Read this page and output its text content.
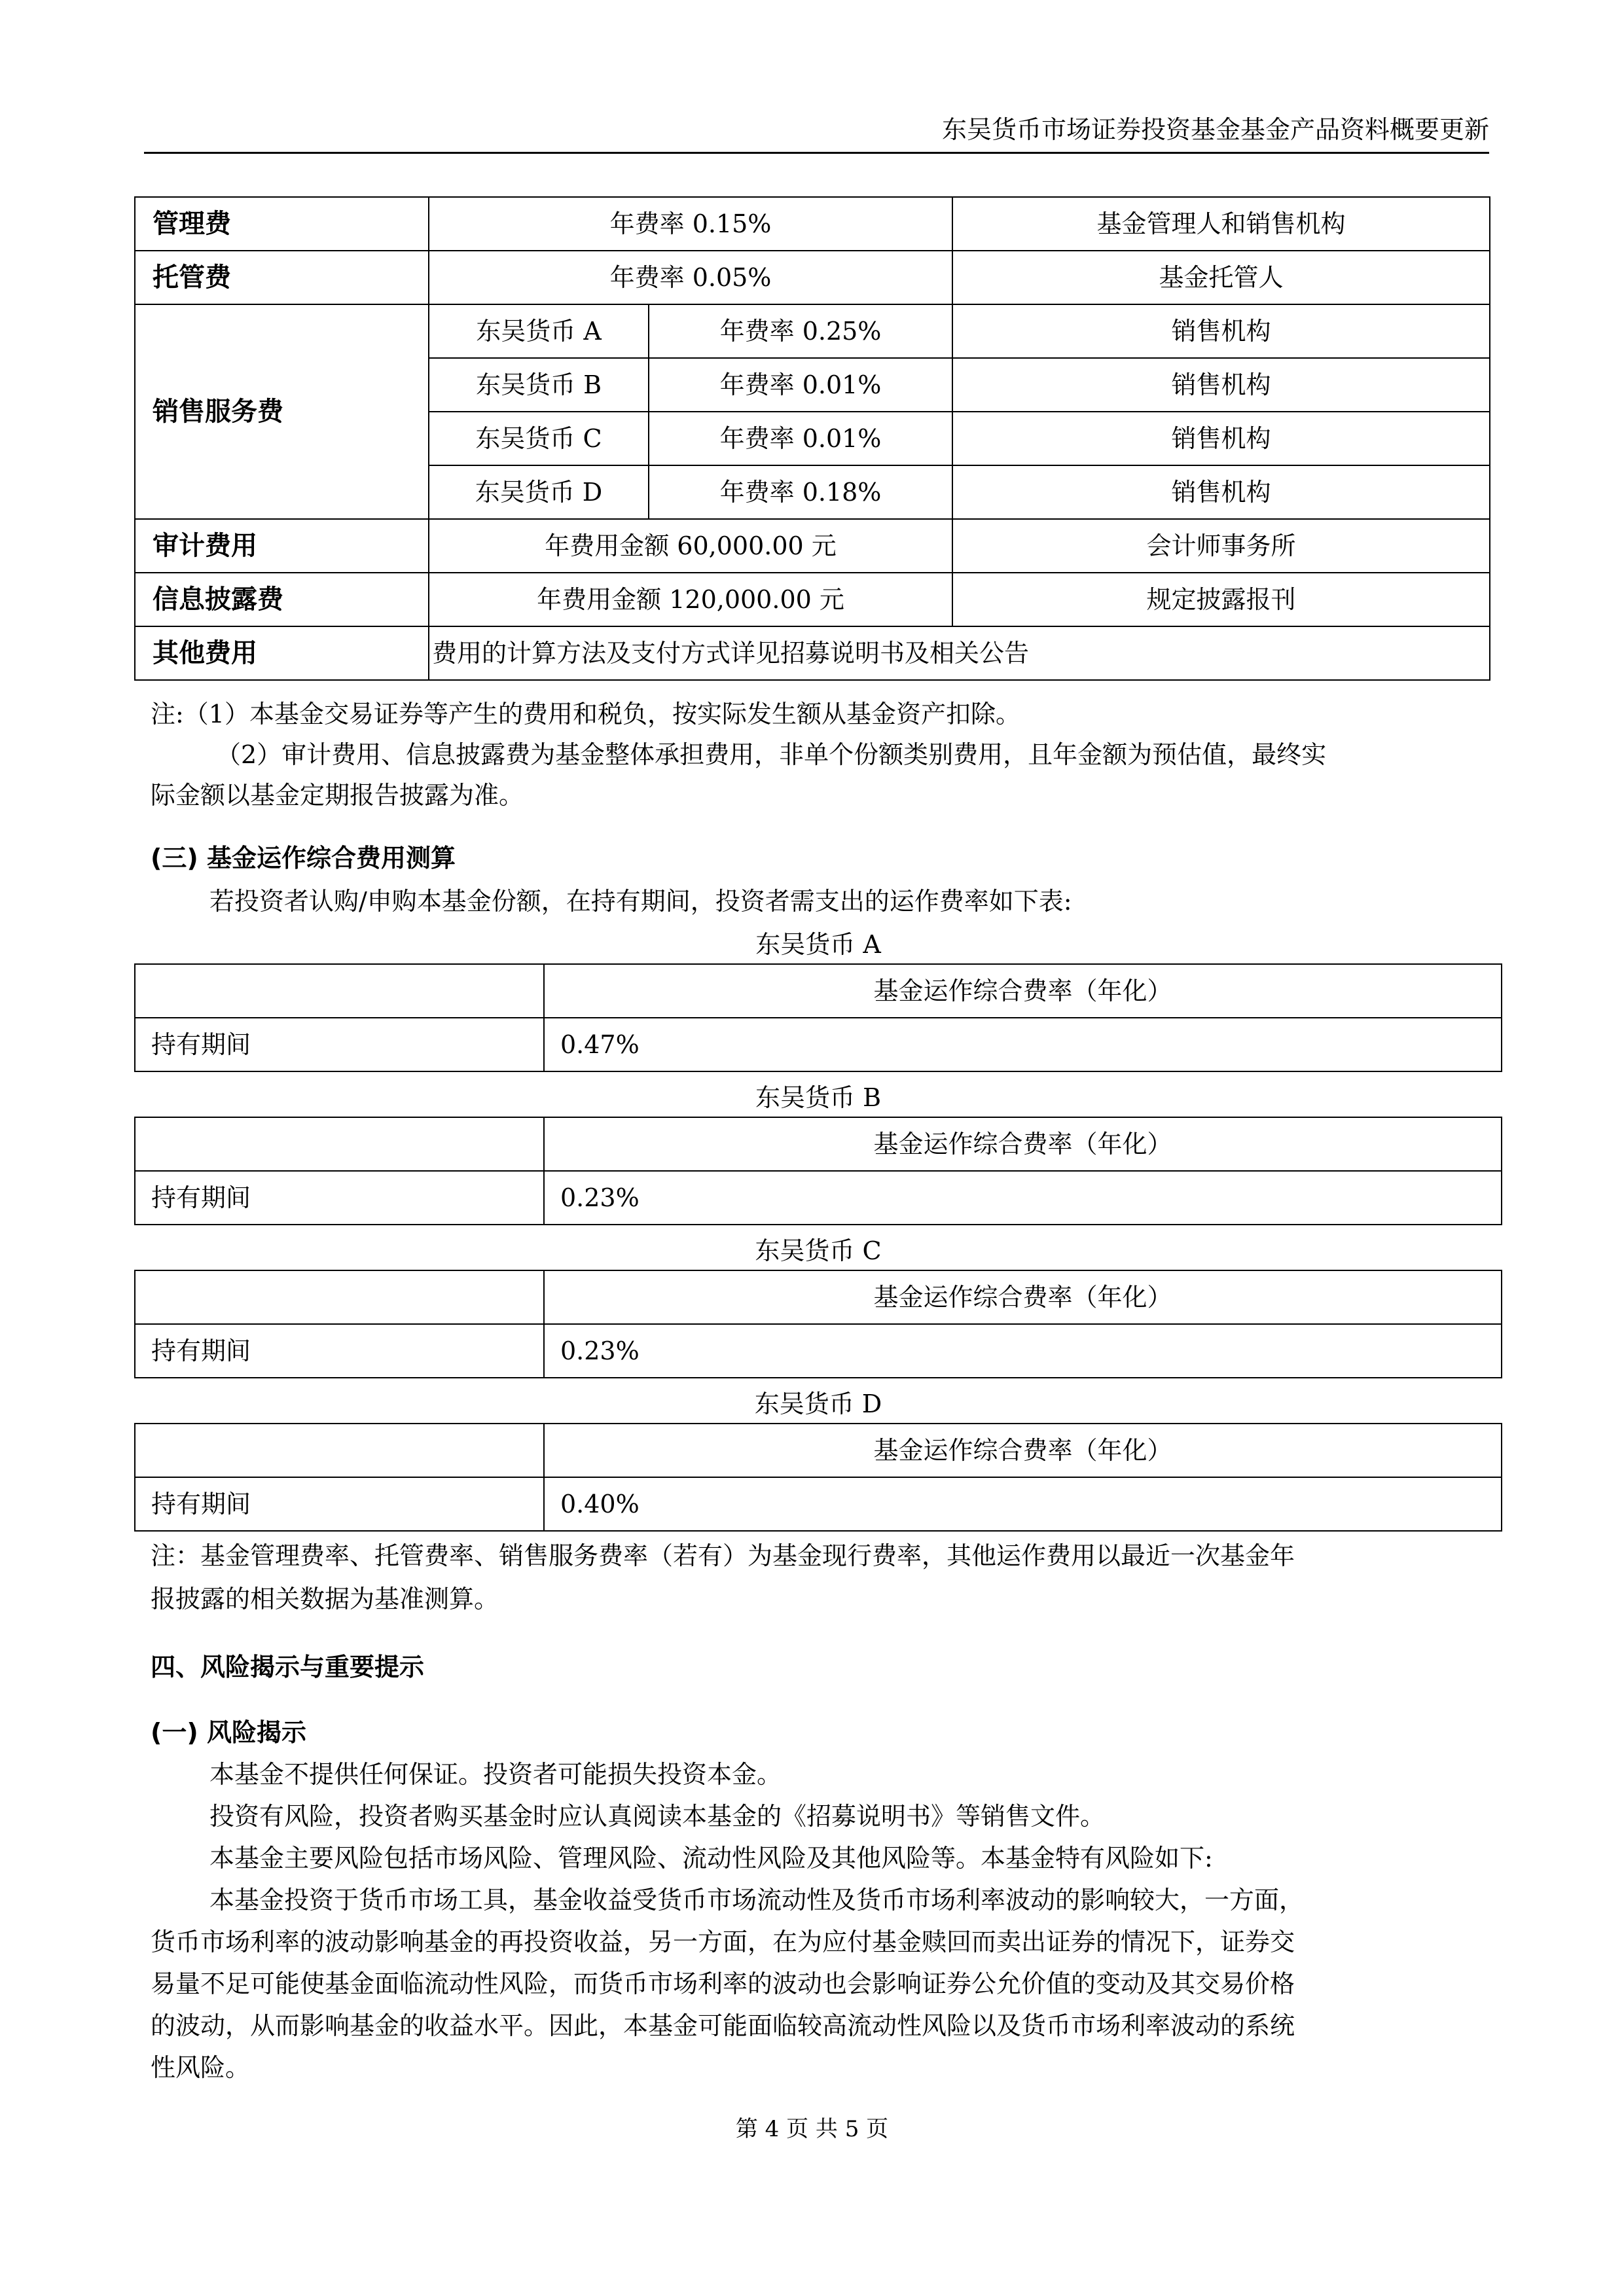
东吴货币市场证券投资基金基金产品资料概要更新
管理费	年费率 0.15%		基金管理人和销售机构
托管费	年费率 0.05%		基金托管人
销售服务费	东吴货币 A	年费率 0.25%	销售机构
	东吴货币 B	年费率 0.01%	销售机构
	东吴货币 C	年费率 0.01%	销售机构
	东吴货币 D	年费率 0.18%	销售机构
审计费用	年费用金额 60,000.00 元		会计师事务所
信息披露费	年费用金额 120,000.00 元		规定披露报刊
其他费用	费用的计算方法及支付方式详见招募说明书及相关公告		
注:（1）本基金交易证券等产生的费用和税负，按实际发生额从基金资产扣除。
（2）审计费用、信息披露费为基金整体承担费用，非单个份额类别费用，且年金额为预估值，最终实
际金额以基金定期报告披露为准。
(三) 基金运作综合费用测算
若投资者认购/申购本基金份额，在持有期间，投资者需支出的运作费率如下表:
东吴货币 A
	基金运作综合费率（年化）
持有期间	0.47%
东吴货币 B
	基金运作综合费率（年化）
持有期间	0.23%
东吴货币 C
	基金运作综合费率（年化）
持有期间	0.23%
东吴货币 D
	基金运作综合费率（年化）
持有期间	0.40%
注：基金管理费率、托管费率、销售服务费率（若有）为基金现行费率，其他运作费用以最近一次基金年
报披露的相关数据为基准测算。
四、风险揭示与重要提示
(一) 风险揭示
本基金不提供任何保证。投资者可能损失投资本金。
投资有风险，投资者购买基金时应认真阅读本基金的《招募说明书》等销售文件。
本基金主要风险包括市场风险、管理风险、流动性风险及其他风险等。本基金特有风险如下:
本基金投资于货币市场工具，基金收益受货币市场流动性及货币市场利率波动的影响较大，一方面，
货币市场利率的波动影响基金的再投资收益，另一方面，在为应付基金赎回而卖出证券的情况下，证券交
易量不足可能使基金面临流动性风险，而货币市场利率的波动也会影响证券公允价值的变动及其交易价格
的波动，从而影响基金的收益水平。因此，本基金可能面临较高流动性风险以及货币市场利率波动的系统
性风险。
第 4 页 共 5 页
